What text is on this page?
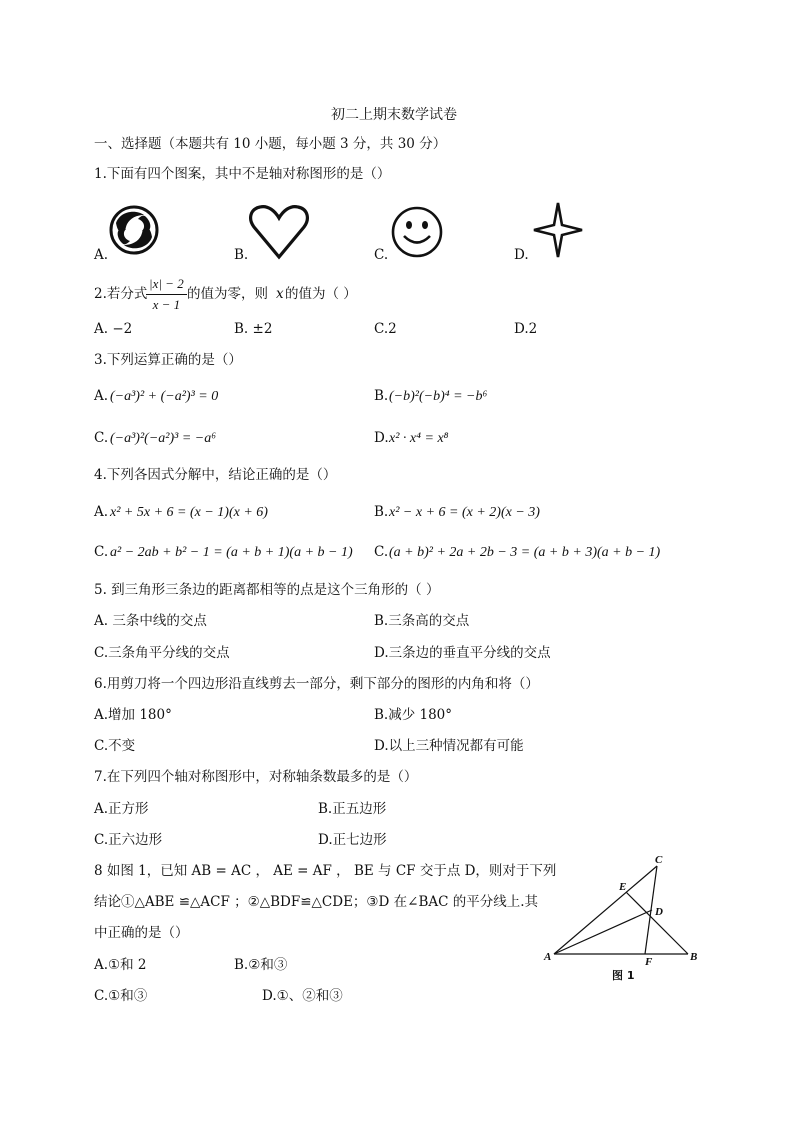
初二上期末数学试卷
一、选择题（本题共有 10 小题，每小题 3 分，共 30 分）
1.下面有四个图案，其中不是轴对称图形的是（）
A.	B.	C.	D.
2.若分式
$\frac{|x| - 2}{x - 1}$ 的值为零，则 x 的值为（ ）
A. −2	B. ±2	C.2	D.2
3.下列运算正确的是（）
A. (−a³)² + (−a²)³ = 0	B. (−b)²(−b)⁴ = −b⁶
C. (−a³)²(−a²)³ = −a⁶	D. x² · x⁴ = x⁸
4.下列各因式分解中，结论正确的是（）
A. x² + 5x + 6 = (x − 1)(x + 6)	B. x² − x + 6 = (x + 2)(x − 3)
C. a² − 2ab + b² − 1 = (a + b + 1)(a + b − 1) C. (a + b)² + 2a + 2b − 3 = (a + b + 3)(a + b − 1)
5. 到三角形三条边的距离都相等的点是这个三角形的（ ）
A. 三条中线的交点	B.三条高的交点
C.三条角平分线的交点	D.三条边的垂直平分线的交点
6.用剪刀将一个四边形沿直线剪去一部分，剩下部分的图形的内角和将（）
A.增加 180°	B.减少 180°
C.不变	D.以上三种情况都有可能
7.在下列四个轴对称图形中，对称轴条数最多的是（）
A.正方形	B.正五边形
C.正六边形	D.正七边形
8 如图 1，已知 AB = AC ， AE = AF ， BE 与 CF 交于点 D，则对于下列
结论①△ABE ≌△ACF ；②△BDF≌△CDE；③D 在∠BAC 的平分线上.其
中正确的是（）
A.①和 2	B.②和③
C.①和③	D.①、②和③
C
E
D
A	F	B
图 1
